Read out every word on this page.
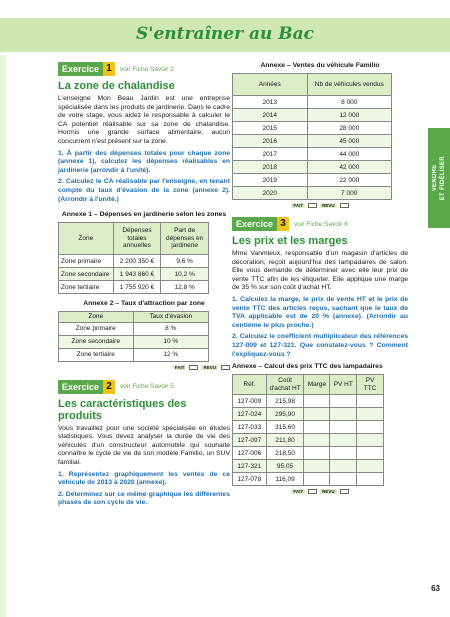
S'entraîner au Bac
VENDRE
ET FIDÉLISER
Exercice 1	voir Fiche Savoir 2
La zone de chalandise

L'enseigne Mon Beau Jardin est une entreprise spécialisée dans les produits de jardinerie. Dans le cadre de votre stage, vous aidez le responsable à calculer le CA potentiel réalisable sur sa zone de chalandise. Hormis une grande surface alimentaire, aucun concurrent n'est présent sur la zone.

1. À partir des dépenses totales pour chaque zone (annexe 1), calculez les dépenses réalisables en jardinerie (arrondir à l'unité).

2. Calculez le CA réalisable par l'enseigne, en tenant compte du taux d'évasion de la zone (annexe 2). (Arrondir à l'unité.)

Annexe 1 – Dépenses en jardinerie selon les zones
Zone	Dépenses totales annuelles	Part de dépenses en jardinerie
Zone primaire	2 200 350 €	9,6 %
Zone secondaire	1 943 860 €	10,2 %
Zone tertiaire	1 755 920 €	12,8 %
Annexe 2 – Taux d'attraction par zone
Zone	Taux d'évasion
Zone primaire	8 %
Zone secondaire	10 %
Zone tertiaire	12 %
FAIT	REVU
Exercice 2	voir Fiche Savoir 5
Les caractéristiques des produits

Vous travaillez pour une société spécialisée en études statistiques. Vous devez analyser la durée de vie des véhicules d'un constructeur automobile qui souhaite connaître le cycle de vie de son modèle Familio, un SUV familial.

1. Représentez graphiquement les ventes de ce véhicule de 2013 à 2020 (annexe).

2. Déterminez sur ce même graphique les différentes phases de son cycle de vie.

Annexe – Ventes du véhicule Familio
Années	Nb de véhicules vendus
2013	8 000
2014	12 000
2015	28 000
2016	45 000
2017	44 000
2018	42 000
2019	22 000
2020	7 000
FAIT	REVU
Exercice 3	voir Fiche Savoir 6
Les prix et les marges

Mme Vanmieux, responsable d'un magasin d'articles de décoration, reçoit aujourd'hui des lampadaires de salon. Elle vous demande de déterminer avec elle leur prix de vente TTC afin de les étiqueter. Elle applique une marge de 35 % sur son coût d'achat HT.

1. Calculez la marge, le prix de vente HT et le prix de vente TTC des articles reçus, sachant que le taux de TVA applicable est de 20 % (annexe). (Arrondir au centième le plus proche.)

2. Calculez le coefficient multiplicateur des références 127-009 et 127-321. Que constatez-vous ? Comment l'expliquez-vous ?

Annexe – Calcul des prix TTC des lampadaires
Réf.	Coût d'achat HT	Marge	PV HT	PV TTC
127-009	215,98			
127-024	295,90			
127-033	315,60			
127-097	211,80			
127-006	218,50			
127-321	95,05			
127-078	116,09			
FAIT	REVU
63
